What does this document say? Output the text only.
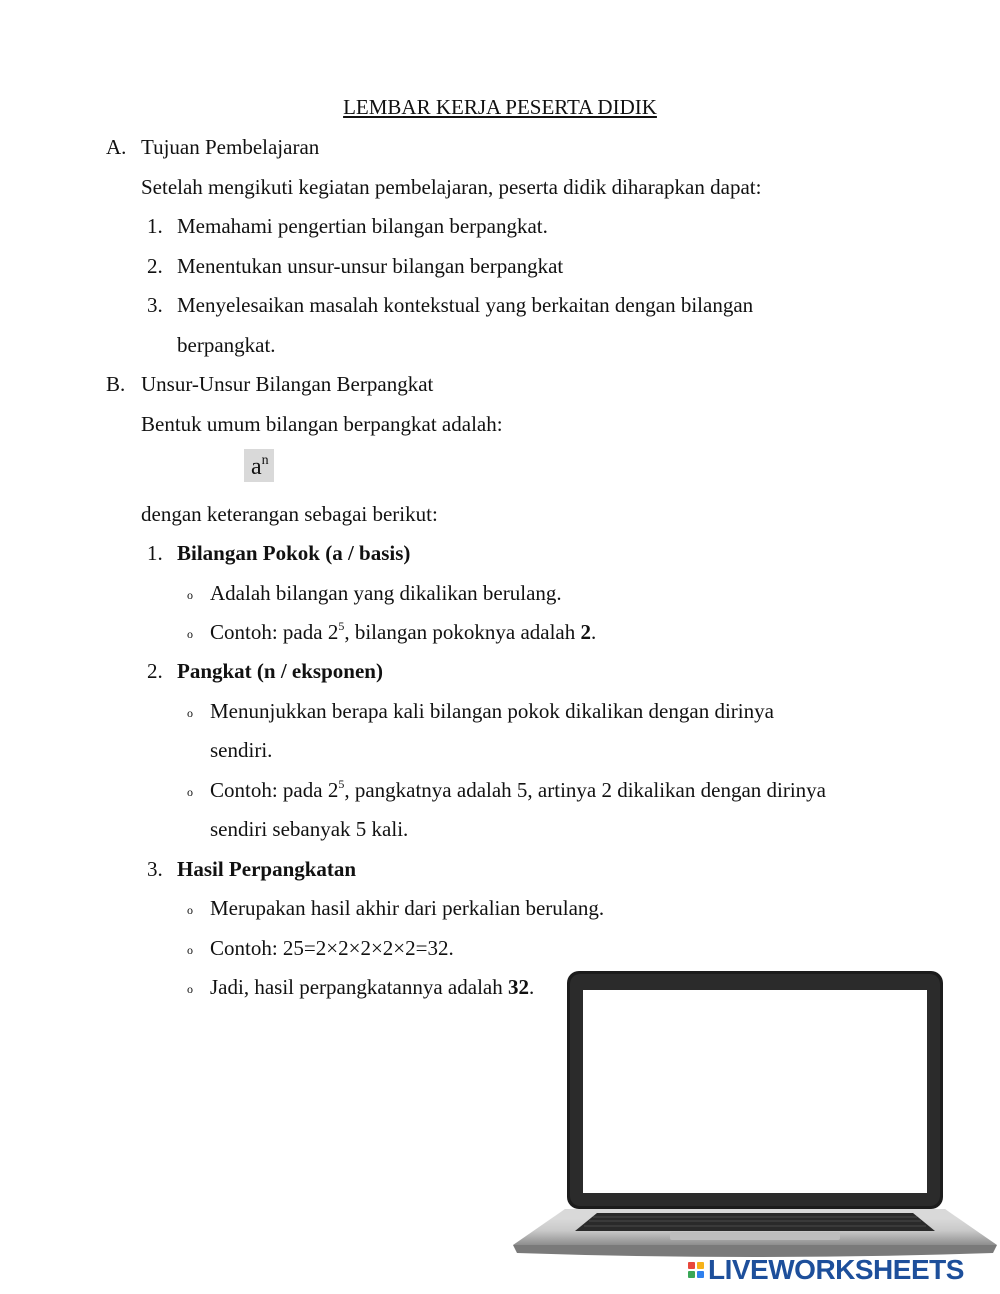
LEMBAR KERJA PESERTA DIDIK
A. Tujuan Pembelajaran
Setelah mengikuti kegiatan pembelajaran, peserta didik diharapkan dapat:
1. Memahami pengertian bilangan berpangkat.
2. Menentukan unsur-unsur bilangan berpangkat
3. Menyelesaikan masalah kontekstual yang berkaitan dengan bilangan
berpangkat.
B. Unsur-Unsur Bilangan Berpangkat
Bentuk umum bilangan berpangkat adalah:
$a^n$
dengan keterangan sebagai berikut:
1. Bilangan Pokok (a / basis)
o Adalah bilangan yang dikalikan berulang.
o Contoh: pada $2^5$, bilangan pokoknya adalah 2.
2. Pangkat (n / eksponen)
o Menunjukkan berapa kali bilangan pokok dikalikan dengan dirinya
sendiri.
o Contoh: pada $2^5$, pangkatnya adalah 5, artinya 2 dikalikan dengan dirinya
sendiri sebanyak 5 kali.
3. Hasil Perpangkatan
o Merupakan hasil akhir dari perkalian berulang.
o Contoh: 25=2×2×2×2×2=32.
o Jadi, hasil perpangkatannya adalah 32.
LIVEWORKSHEETS
